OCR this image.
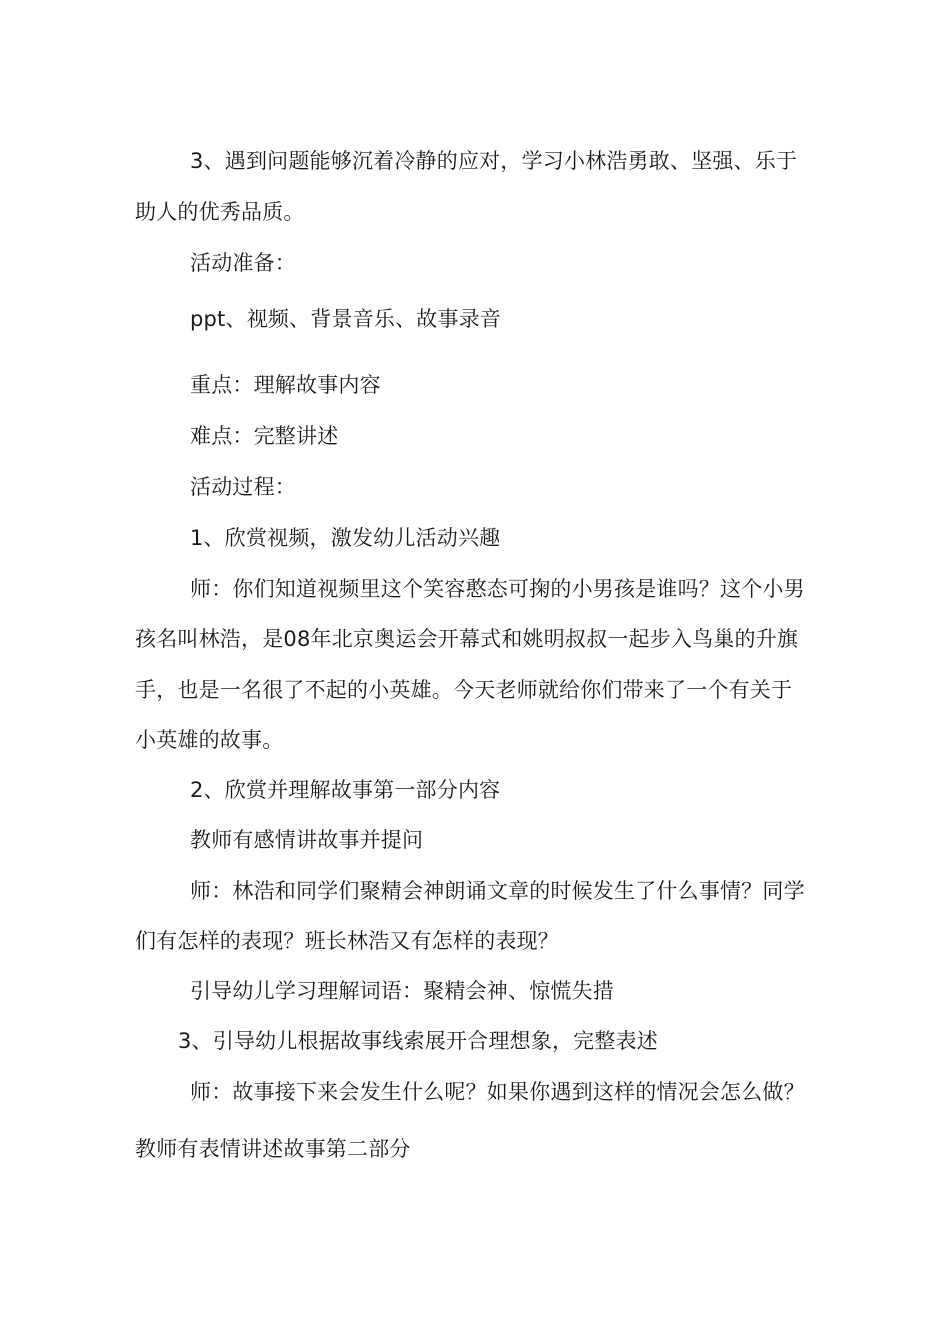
3、遇到问题能够沉着冷静的应对，学习小林浩勇敢、坚强、乐于

助人的优秀品质。

活动准备：

ppt、视频、背景音乐、故事录音

重点：理解故事内容

难点：完整讲述

活动过程：

1、欣赏视频，激发幼儿活动兴趣

师：你们知道视频里这个笑容憨态可掬的小男孩是谁吗？这个小男

孩名叫林浩，是08年北京奥运会开幕式和姚明叔叔一起步入鸟巢的升旗

手，也是一名很了不起的小英雄。今天老师就给你们带来了一个有关于

小英雄的故事。

2、欣赏并理解故事第一部分内容

教师有感情讲故事并提问

师：林浩和同学们聚精会神朗诵文章的时候发生了什么事情？同学

们有怎样的表现？班长林浩又有怎样的表现？

引导幼儿学习理解词语：聚精会神、惊慌失措

3、引导幼儿根据故事线索展开合理想象，完整表述

师：故事接下来会发生什么呢？如果你遇到这样的情况会怎么做？

教师有表情讲述故事第二部分
